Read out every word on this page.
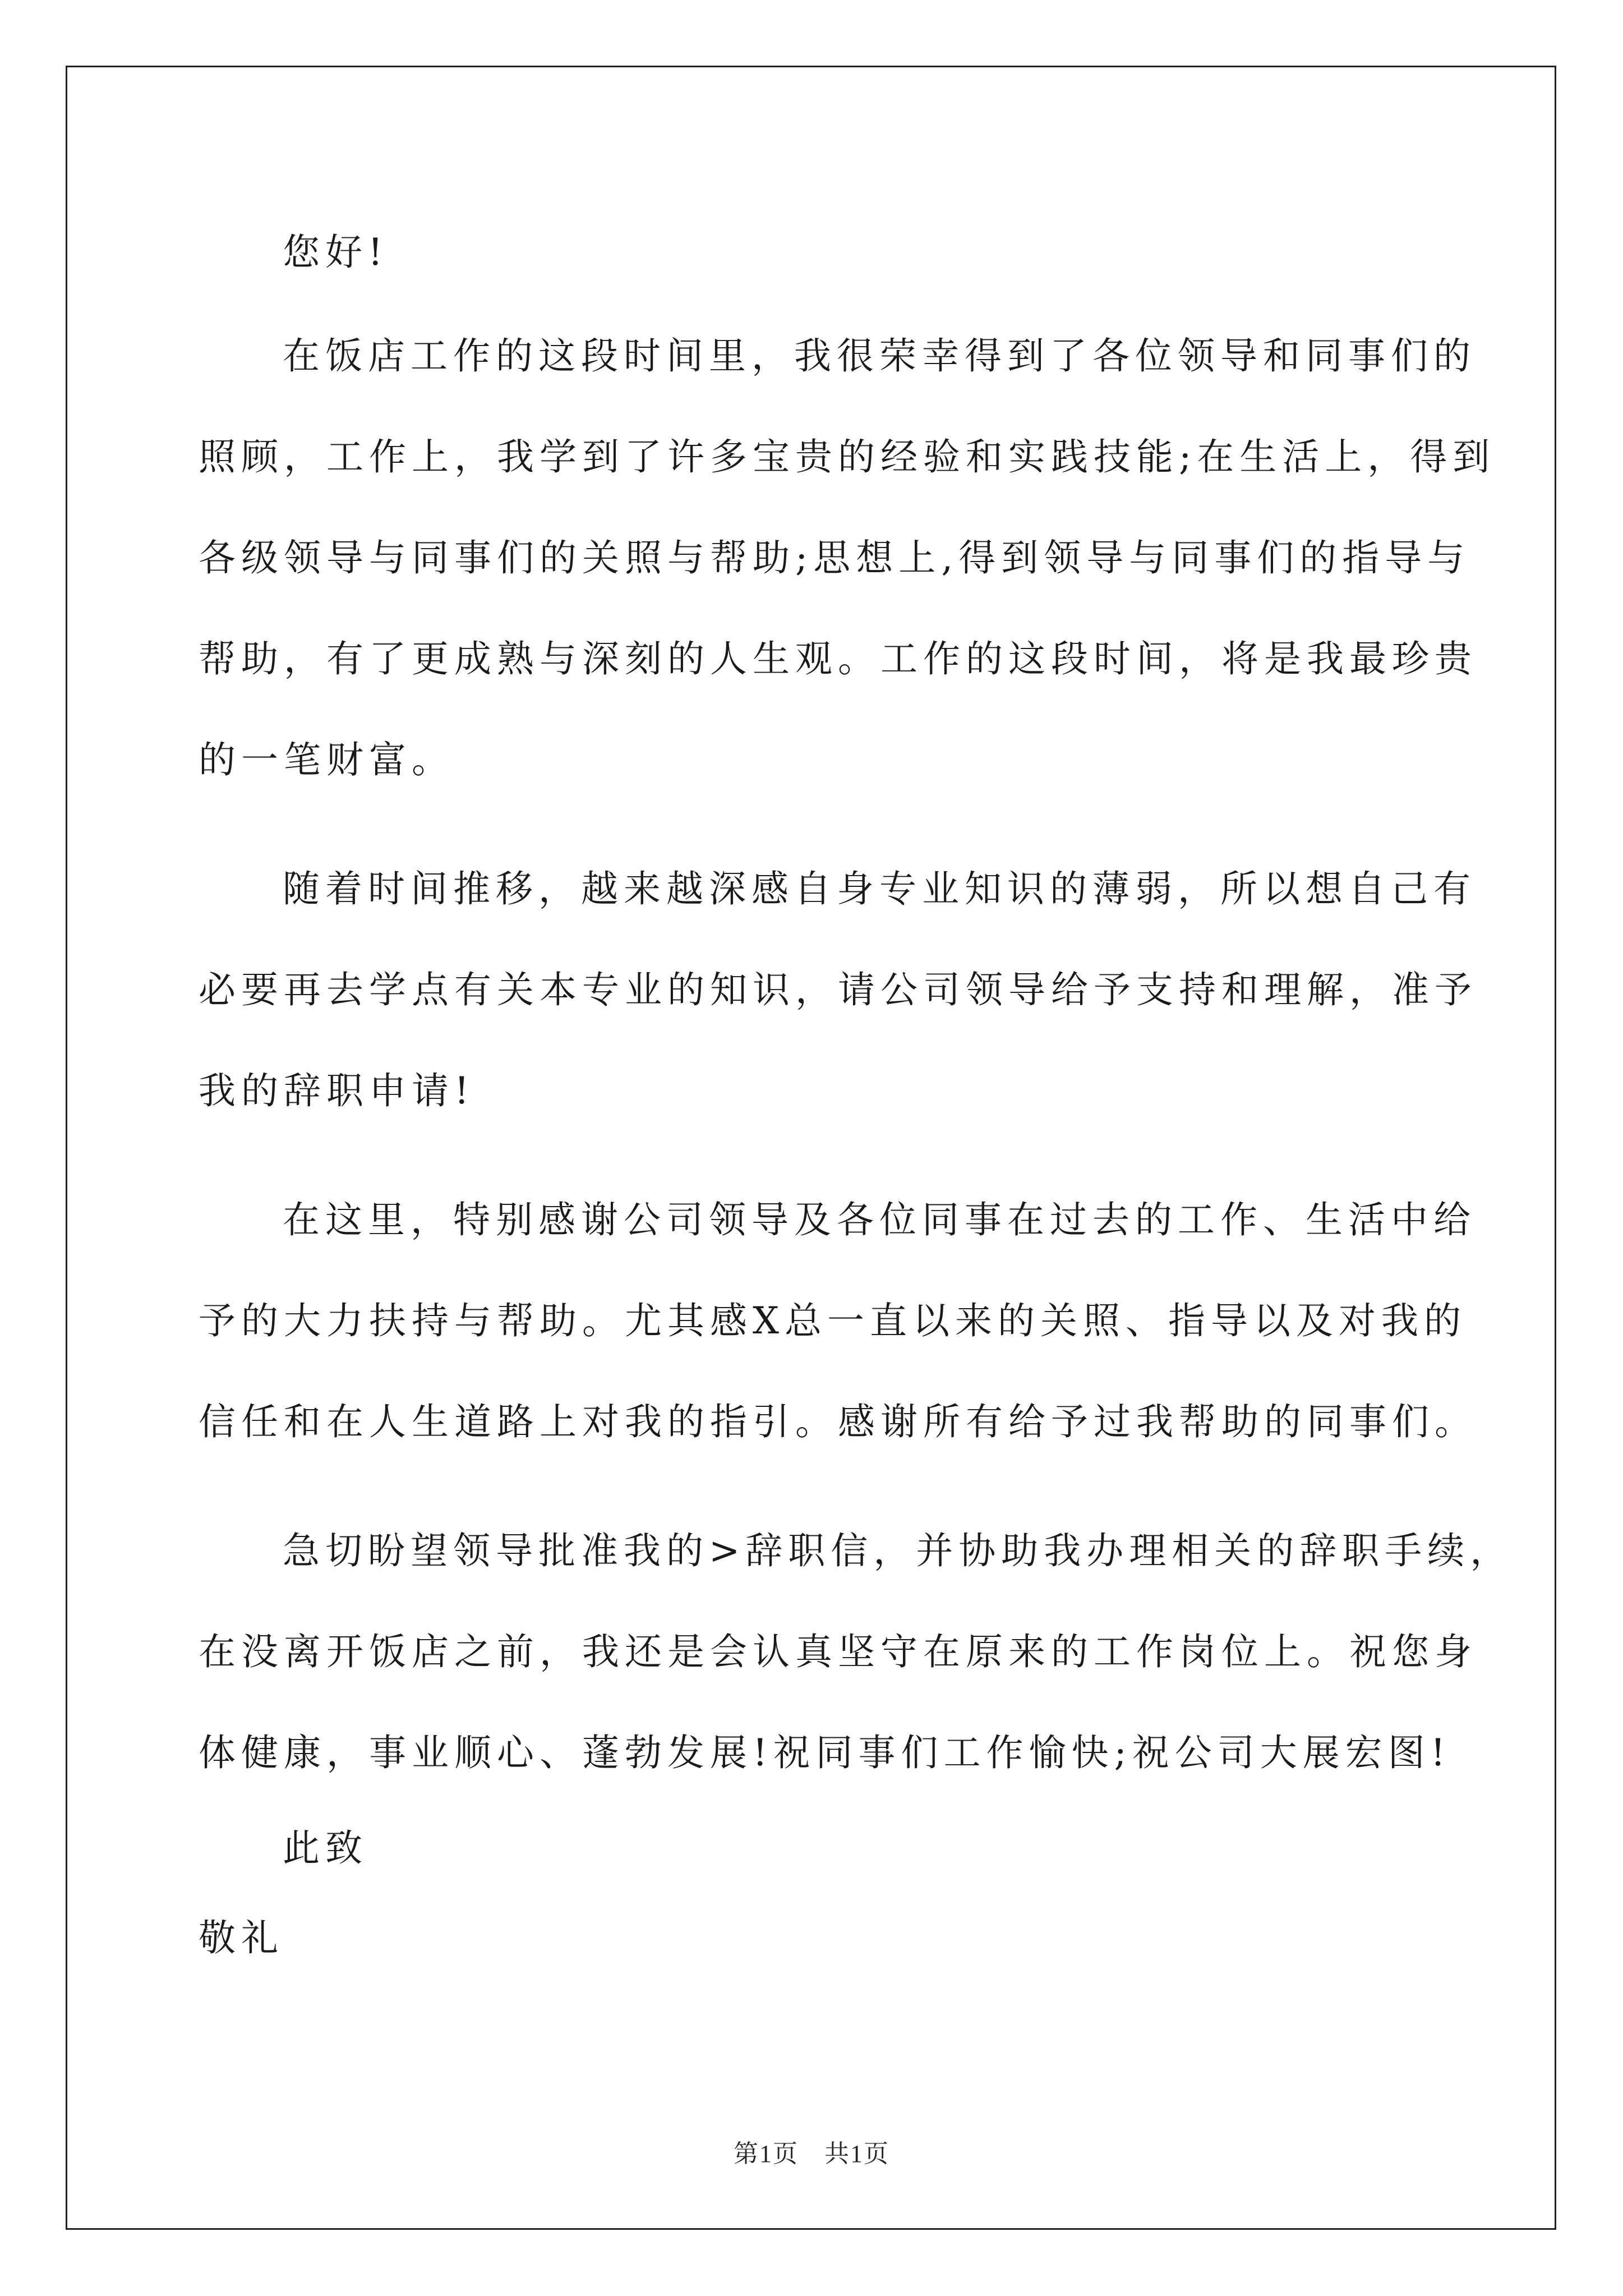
您好!
在饭店工作的这段时间里，我很荣幸得到了各位领导和同事们的
照顾，工作上，我学到了许多宝贵的经验和实践技能;在生活上，得到
各级领导与同事们的关照与帮助;思想上,得到领导与同事们的指导与
帮助，有了更成熟与深刻的人生观。工作的这段时间，将是我最珍贵
的一笔财富。
随着时间推移，越来越深感自身专业知识的薄弱，所以想自己有
必要再去学点有关本专业的知识，请公司领导给予支持和理解，准予
我的辞职申请!
在这里，特别感谢公司领导及各位同事在过去的工作、生活中给
予的大力扶持与帮助。尤其感X总一直以来的关照、指导以及对我的
信任和在人生道路上对我的指引。感谢所有给予过我帮助的同事们。
急切盼望领导批准我的>辞职信，并协助我办理相关的辞职手续，
在没离开饭店之前，我还是会认真坚守在原来的工作岗位上。祝您身
体健康，事业顺心、蓬勃发展!祝同事们工作愉快;祝公司大展宏图!
此致
敬礼
第1页　共1页
